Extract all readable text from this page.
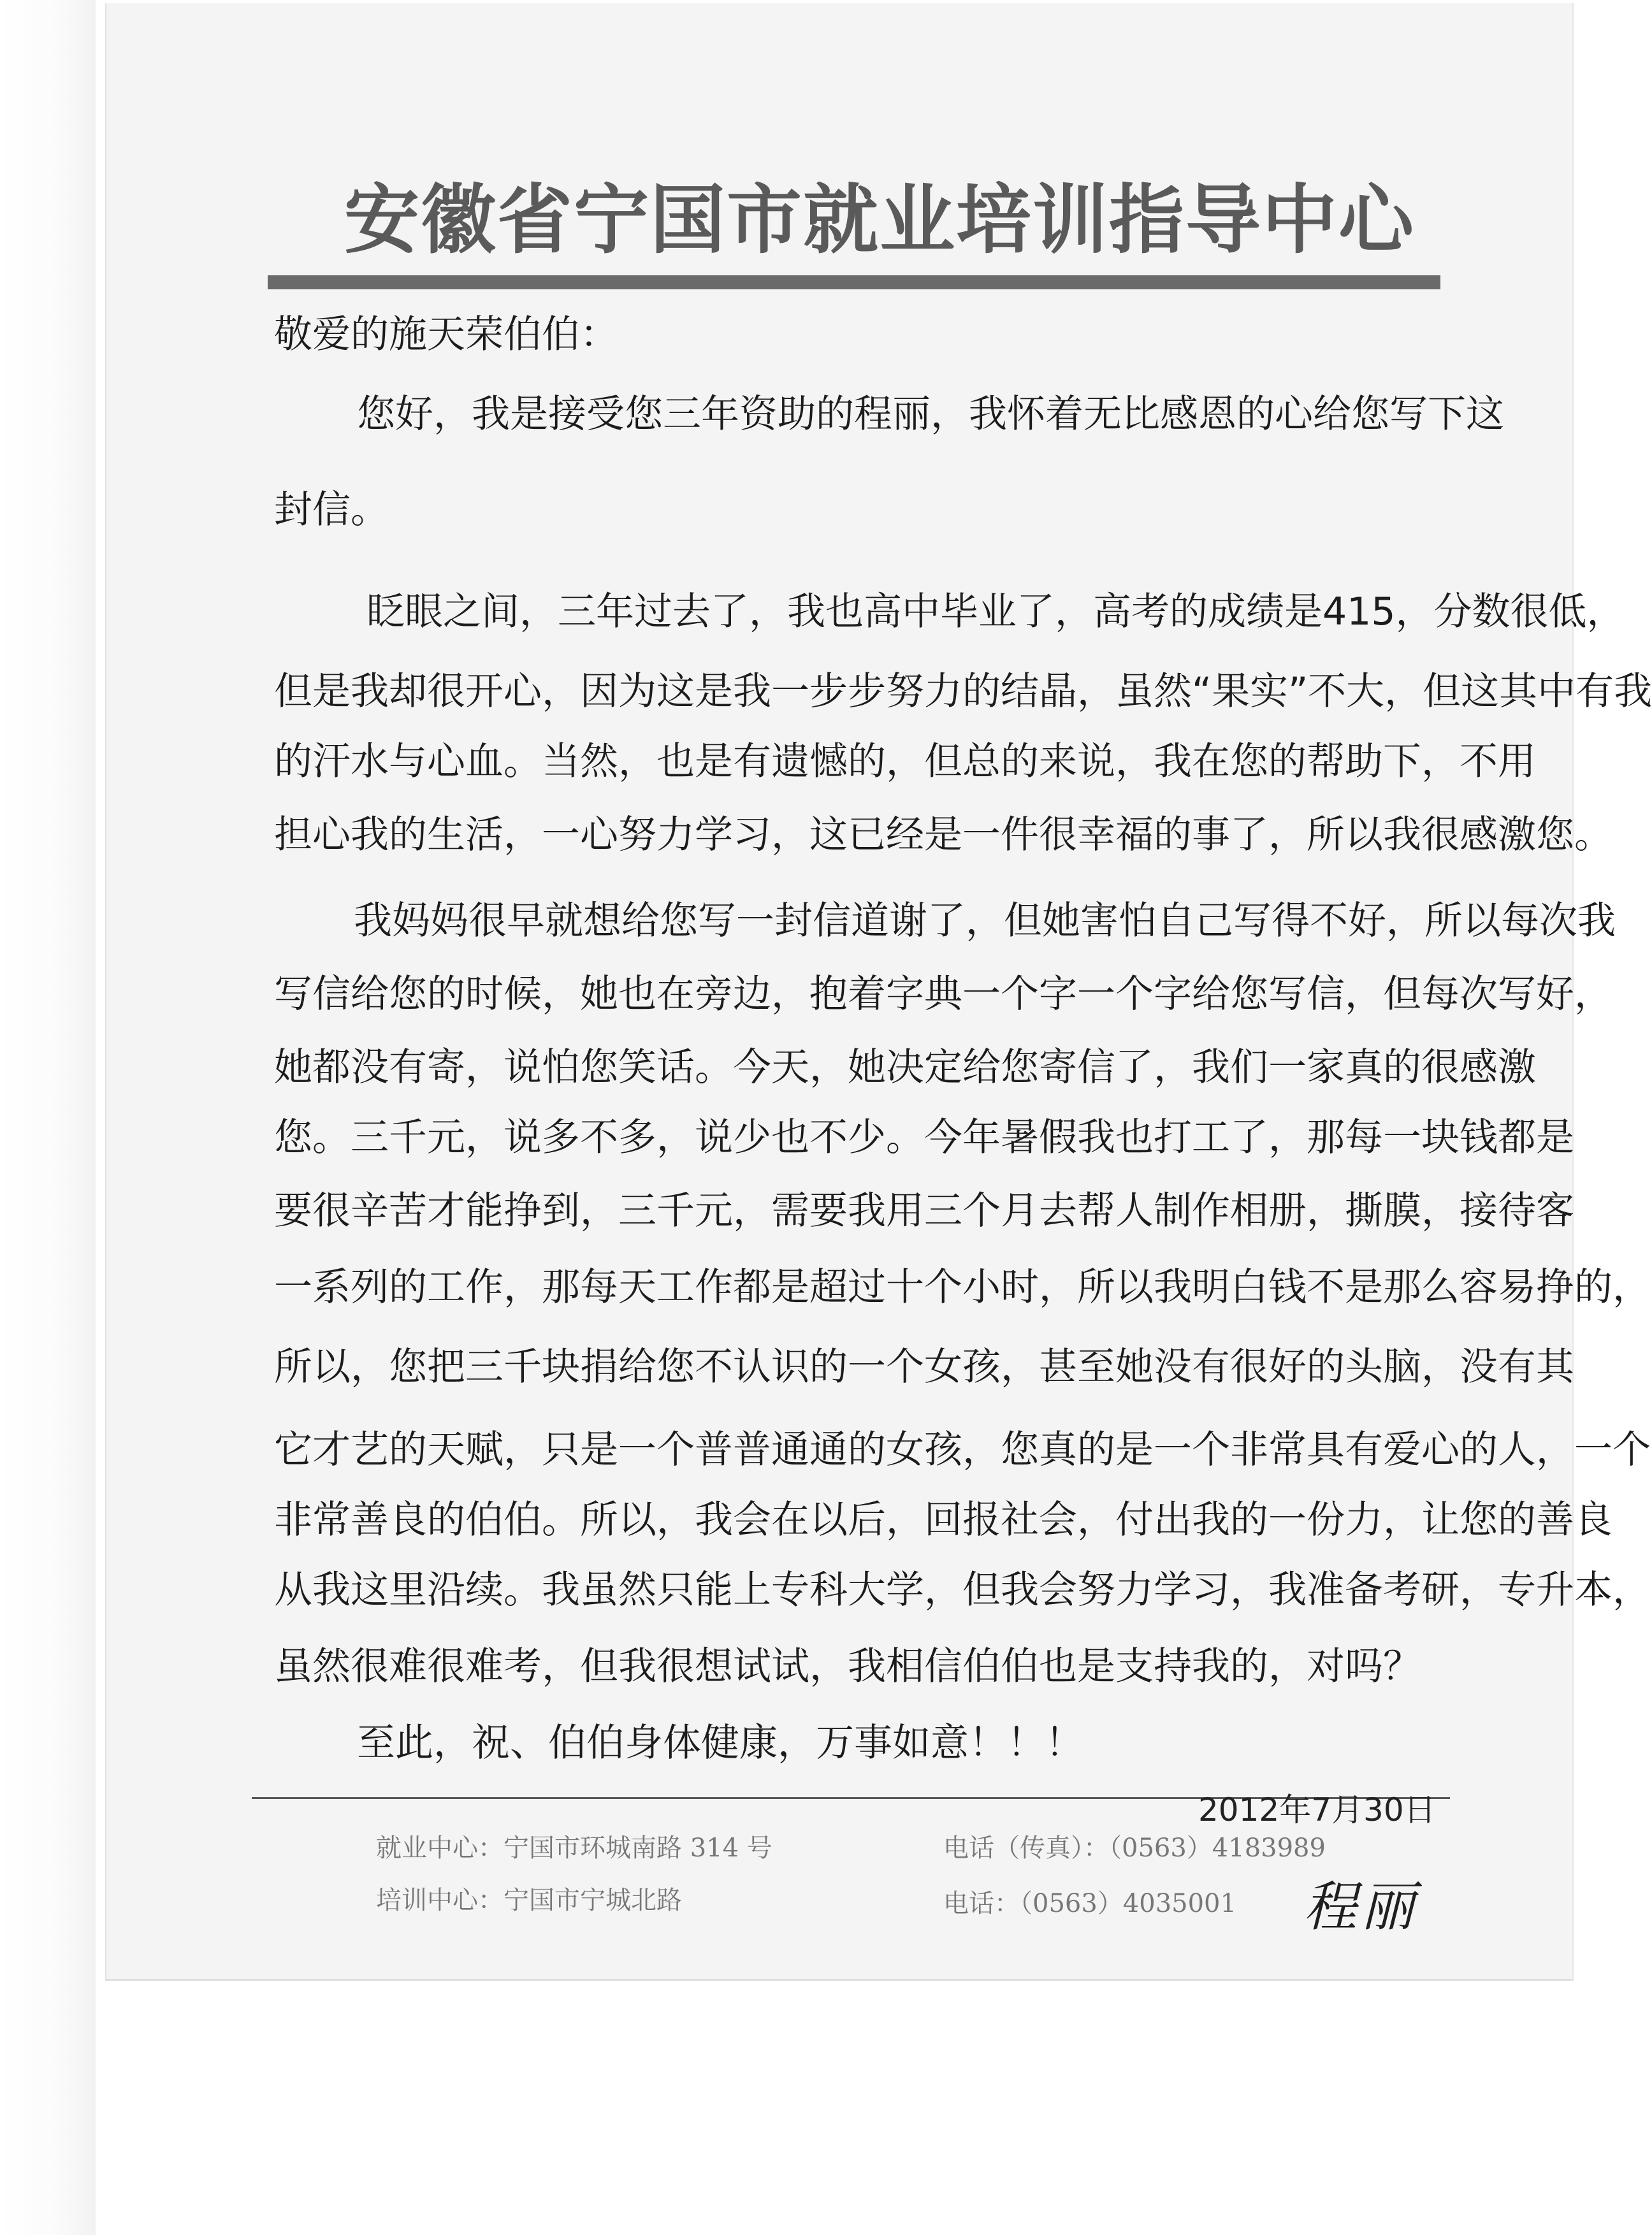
安徽省宁国市就业培训指导中心
敬爱的施天荣伯伯：
您好，我是接受您三年资助的程丽，我怀着无比感恩的心给您写下这
封信。
眨眼之间，三年过去了，我也高中毕业了，高考的成绩是415，分数很低，
但是我却很开心，因为这是我一步步努力的结晶，虽然“果实”不大，但这其中有我
的汗水与心血。当然，也是有遗憾的，但总的来说，我在您的帮助下，不用
担心我的生活，一心努力学习，这已经是一件很幸福的事了，所以我很感激您。
我妈妈很早就想给您写一封信道谢了，但她害怕自己写得不好，所以每次我
写信给您的时候，她也在旁边，抱着字典一个字一个字给您写信，但每次写好，
她都没有寄，说怕您笑话。今天，她决定给您寄信了，我们一家真的很感激
您。三千元，说多不多，说少也不少。今年暑假我也打工了，那每一块钱都是
要很辛苦才能挣到，三千元，需要我用三个月去帮人制作相册，撕膜，接待客
一系列的工作，那每天工作都是超过十个小时，所以我明白钱不是那么容易挣的，
所以，您把三千块捐给您不认识的一个女孩，甚至她没有很好的头脑，没有其
它才艺的天赋，只是一个普普通通的女孩，您真的是一个非常具有爱心的人，一个
非常善良的伯伯。所以，我会在以后，回报社会，付出我的一份力，让您的善良
从我这里沿续。我虽然只能上专科大学，但我会努力学习，我准备考研，专升本，
虽然很难很难考，但我很想试试，我相信伯伯也是支持我的，对吗？
至此，祝、伯伯身体健康，万事如意！！！
2012年7月30日
就业中心：宁国市环城南路 314 号	电话（传真）：（0563）4183989
培训中心：宁国市宁城北路	电话：（0563）4035001 程丽
